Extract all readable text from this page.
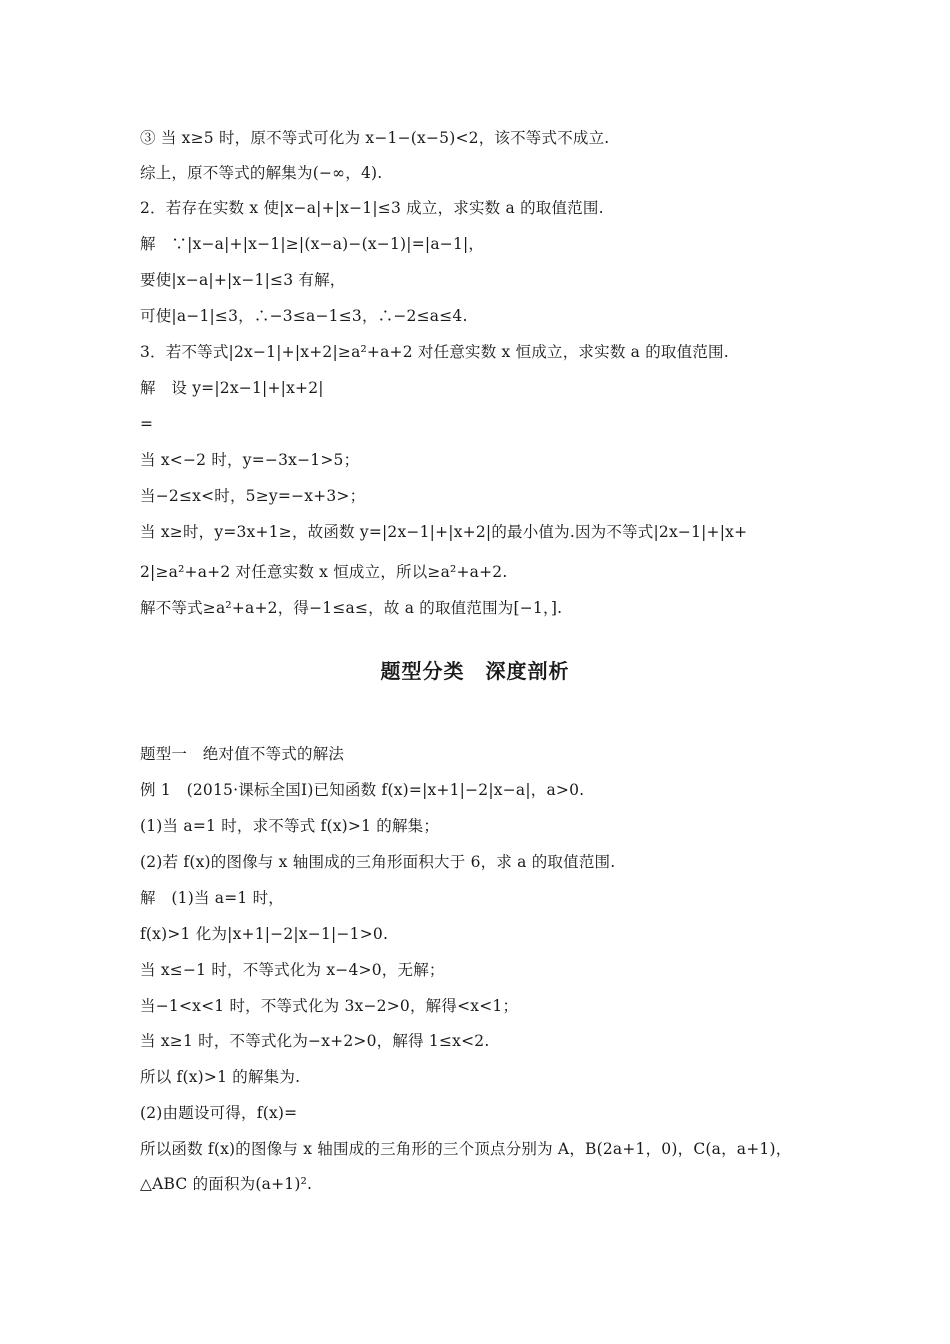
③ 当 x≥5 时，原不等式可化为 x−1−(x−5)<2，该不等式不成立.
综上，原不等式的解集为(−∞，4).
2．若存在实数 x 使|x−a|+|x−1|≤3 成立，求实数 a 的取值范围.
解　∵|x−a|+|x−1|≥|(x−a)−(x−1)|=|a−1|，
要使|x−a|+|x−1|≤3 有解，
可使|a−1|≤3，∴−3≤a−1≤3，∴−2≤a≤4.
3．若不等式|2x−1|+|x+2|≥a²+a+2 对任意实数 x 恒成立，求实数 a 的取值范围.
解　设 y=|2x−1|+|x+2|
=
当 x<−2 时，y=−3x−1>5；
当−2≤x<时，5≥y=−x+3>；
当 x≥时，y=3x+1≥，故函数 y=|2x−1|+|x+2|的最小值为.因为不等式|2x−1|+|x+
2|≥a²+a+2 对任意实数 x 恒成立，所以≥a²+a+2.
解不等式≥a²+a+2，得−1≤a≤，故 a 的取值范围为[−1，].
题型分类　深度剖析
题型一　绝对值不等式的解法
例 1　(2015·课标全国Ⅰ)已知函数 f(x)=|x+1|−2|x−a|，a>0.
(1)当 a=1 时，求不等式 f(x)>1 的解集；
(2)若 f(x)的图像与 x 轴围成的三角形面积大于 6，求 a 的取值范围.
解　(1)当 a=1 时，
f(x)>1 化为|x+1|−2|x−1|−1>0.
当 x≤−1 时，不等式化为 x−4>0，无解；
当−1<x<1 时，不等式化为 3x−2>0，解得<x<1；
当 x≥1 时，不等式化为−x+2>0，解得 1≤x<2.
所以 f(x)>1 的解集为.
(2)由题设可得，f(x)=
所以函数 f(x)的图像与 x 轴围成的三角形的三个顶点分别为 A，B(2a+1，0)，C(a，a+1)，
△ABC 的面积为(a+1)².
